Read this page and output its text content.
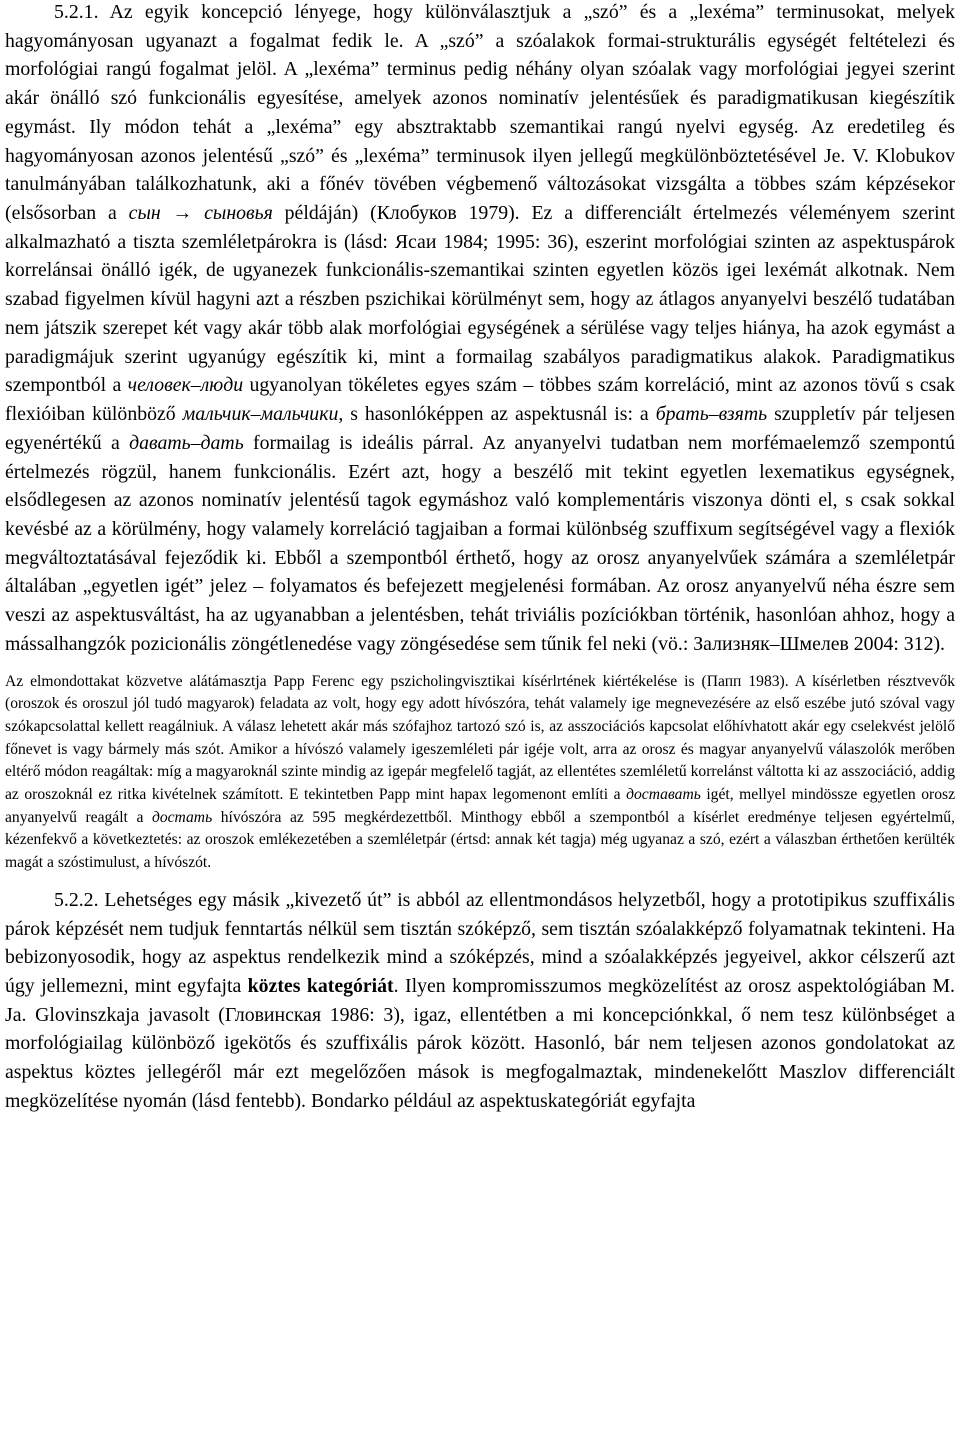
5.2.1. Az egyik koncepció lényege, hogy különválasztjuk a „szó” és a „lexéma” terminusokat, melyek hagyományosan ugyanazt a fogalmat fedik le. A „szó” a szóalakok formai-strukturális egységét feltételezi és morfológiai rangú fogalmat jelöl. A „lexéma” terminus pedig néhány olyan szóalak vagy morfológiai jegyei szerint akár önálló szó funkcionális egyesítése, amelyek azonos nominatív jelentésűek és paradigmatikusan kiegészítik egymást. Ily módon tehát a „lexéma” egy absztraktabb szemantikai rangú nyelvi egység. Az eredetileg és hagyományosan azonos jelentésű „szó” és „lexéma” terminusok ilyen jellegű megkülönböztetésével Je. V. Klobukov tanulmányában találkozhatunk, aki a főnév tövében végbemenő változásokat vizsgálta a többes szám képzésekor (elsősorban a сын → сыновья példáján) (Клобуков 1979). Ez a differenciált értelmezés véleményem szerint alkalmazható a tiszta szemléletpárokra is (lásd: Ясаи 1984; 1995: 36), eszerint morfológiai szinten az aspektuspárok korrelánsai önálló igék, de ugyanezek funkcionális-szemantikai szinten egyetlen közös igei lexémát alkotnak. Nem szabad figyelmen kívül hagyni azt a részben pszichikai körülményt sem, hogy az átlagos anyanyelvi beszélő tudatában nem játszik szerepet két vagy akár több alak morfológiai egységének a sérülése vagy teljes hiánya, ha azok egymást a paradigmájuk szerint ugyanúgy egészítik ki, mint a formailag szabályos paradigmatikus alakok. Paradigmatikus szempontból a человек–люди ugyanolyan tökéletes egyes szám – többes szám korreláció, mint az azonos tövű s csak flexióiban különböző мальчик–мальчики, s hasonlóképpen az aspektusnál is: a брать–взять szuppletív pár teljesen egyenértékű a давать–дать formailag is ideális párral. Az anyanyelvi tudatban nem morfémaelemző szempontú értelmezés rögzül, hanem funkcionális. Ezért azt, hogy a beszélő mit tekint egyetlen lexematikus egységnek, elsődlegesen az azonos nominatív jelentésű tagok egymáshoz való komplementáris viszonya dönti el, s csak sokkal kevésbé az a körülmény, hogy valamely korreláció tagjaiban a formai különbség szuffixum segítségével vagy a flexiók megváltoztatásával fejeződik ki. Ebből a szempontból érthető, hogy az orosz anyanyelvűek számára a szemléletpár általában „egyetlen igét” jelez – folyamatos és befejezett megjelenési formában. Az orosz anyanyelvű néha észre sem veszi az aspektusváltást, ha az ugyanabban a jelentésben, tehát triviális pozíciókban történik, hasonlóan ahhoz, hogy a mássalhangzók pozicionális zöngétlenedése vagy zöngésedése sem tűnik fel neki (vö.: Зализняк–Шмелев 2004: 312).

Az elmondottakat közvetve alátámasztja Papp Ferenc egy pszicholingvisztikai kísérlrtének kiértékelése is (Папп 1983). A kísérletben résztvevők (oroszok és oroszul jól tudó magyarok) feladata az volt, hogy egy adott hívószóra, tehát valamely ige megnevezésére az első eszébe jutó szóval vagy szókapcsolattal kellett reagálniuk. A válasz lehetett akár más szófajhoz tartozó szó is, az asszociációs kapcsolat előhívhatott akár egy cselekvést jelölő főnevet is vagy bármely más szót. Amikor a hívószó valamely igeszemléleti pár igéje volt, arra az orosz és magyar anyanyelvű válaszolók merőben eltérő módon reagáltak: míg a magyaroknál szinte mindig az igepár megfelelő tagját, az ellentétes szemléletű korrelánst váltotta ki az asszociáció, addig az oroszoknál ez ritka kivételnek számított. E tekintetben Papp mint hapax legomenont említi a доставать igét, mellyel mindössze egyetlen orosz anyanyelvű reagált a достать hívószóra az 595 megkérdezettből. Minthogy ebből a szempontból a kísérlet eredménye teljesen egyértelmű, kézenfekvő a következtetés: az oroszok emlékezetében a szemléletpár (értsd: annak két tagja) még ugyanaz a szó, ezért a válaszban érthetően kerülték magát a szóstimulust, a hívószót.

5.2.2. Lehetséges egy másik „kivezető út” is abból az ellentmondásos helyzetből, hogy a prototipikus szuffixális párok képzését nem tudjuk fenntartás nélkül sem tisztán szóképző, sem tisztán szóalakképző folyamatnak tekinteni. Ha bebizonyosodik, hogy az aspektus rendelkezik mind a szóképzés, mind a szóalakképzés jegyeivel, akkor célszerű azt úgy jellemezni, mint egyfajta köztes kategóriát. Ilyen kompromisszumos megközelítést az orosz aspektológiában M. Ja. Glovinszkaja javasolt (Гловинская 1986: 3), igaz, ellentétben a mi koncepciónkkal, ő nem tesz különbséget a morfológiailag különböző igekötős és szuffixális párok között. Hasonló, bár nem teljesen azonos gondolatokat az aspektus köztes jellegéről már ezt megelőzően mások is megfogalmaztak, mindenekelőtt Maszlov differenciált megközelítése nyomán (lásd fentebb). Bondarko például az aspektuskategóriát egyfajta
